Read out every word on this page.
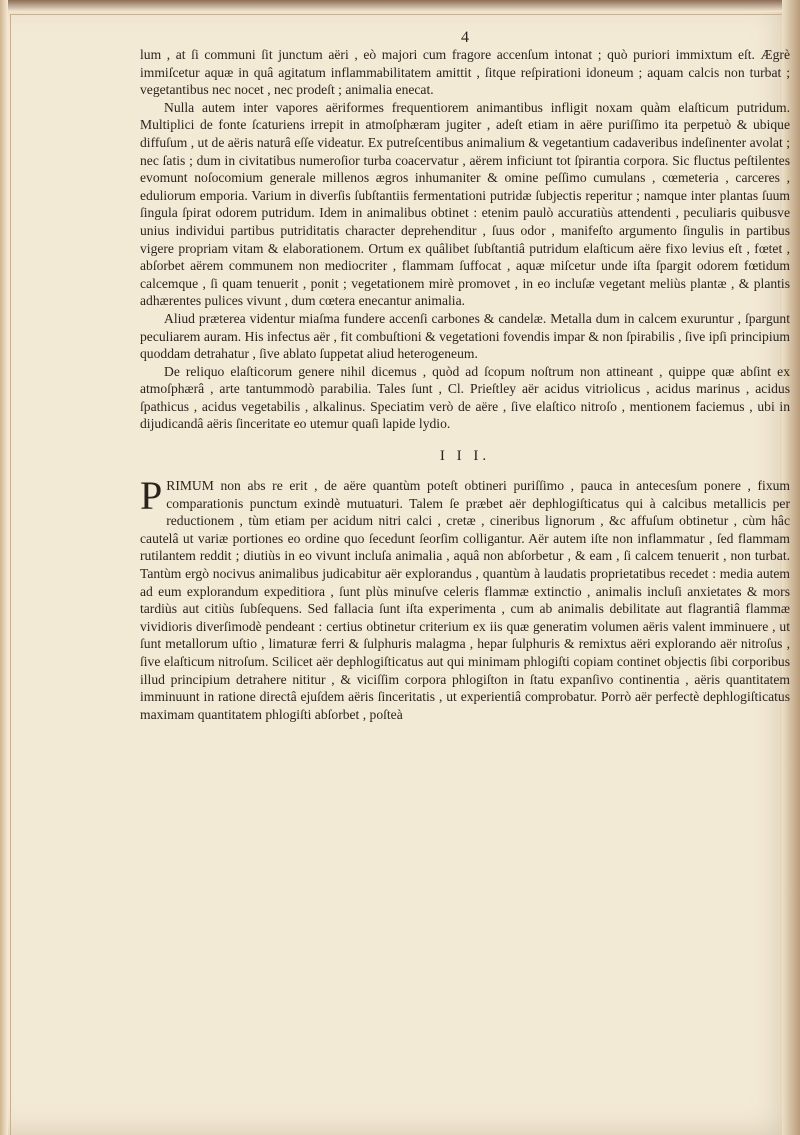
4

lum , at ſi communi ſit junctum aëri , eò majori cum fragore accenſum intonat ; quò puriori immixtum eſt. Ægrè immiſcetur aquæ in quâ agitatum inflammabilitatem amittit , ſitque reſpirationi idoneum ; aquam calcis non turbat ; vegetantibus nec nocet , nec prodeſt ; animalia enecat.

Nulla autem inter vapores aëriformes frequentiorem animantibus infligit noxam quàm elaſticum putridum. Multiplici de fonte ſcaturiens irrepit in atmoſphæram jugiter , adeſt etiam in aëre puriſſimo ita perpetuò & ubique diffuſum , ut de aëris naturâ eſſe videatur. Ex putreſcentibus animalium & vegetantium cadaveribus indeſinenter avolat ; nec ſatis ; dum in civitatibus numeroſior turba coacervatur , aërem inficiunt tot ſpirantia corpora. Sic fluctus peſtilentes evomunt noſocomium generale millenos ægros inhumaniter & omine peſſimo cumulans , cœmeteria , carceres , eduliorum emporia. Varium in diverſis ſubſtantiis fermentationi putridæ ſubjectis reperitur ; namque inter plantas ſuum ſingula ſpirat odorem putridum. Idem in animalibus obtinet : etenim paulò accuratiùs attendenti , peculiaris quibusve unius individui partibus putriditatis character deprehenditur , ſuus odor , manifeſto argumento ſingulis in partibus vigere propriam vitam & elaborationem. Ortum ex quâlibet ſubſtantiâ putridum elaſticum aëre fixo levius eſt , fœtet , abſorbet aërem communem non mediocriter , flammam ſuffocat , aquæ miſcetur unde iſta ſpargit odorem fœtidum calcemque , ſi quam tenuerit , ponit ; vegetationem mirè promovet , in eo incluſæ vegetant meliùs plantæ , & plantis adhærentes pulices vivunt , dum cœtera enecantur animalia.

Aliud præterea videntur miaſma fundere accenſi carbones & candelæ. Metalla dum in calcem exuruntur , ſpargunt peculiarem auram. His infectus aër , fit combuſtioni & vegetationi fovendis impar & non ſpirabilis , ſive ipſi principium quoddam detrahatur , ſive ablato ſuppetat aliud heterogeneum.

De reliquo elaſticorum genere nihil dicemus , quòd ad ſcopum noſtrum non attineant , quippe quæ abſint ex atmoſphærâ , arte tantummodò parabilia. Tales ſunt , Cl. Prieſtley aër acidus vitriolicus , acidus marinus , acidus ſpathicus , acidus vegetabilis , alkalinus. Speciatim verò de aëre , ſive elaſtico nitroſo , mentionem faciemus , ubi in dijudicandâ aëris ſinceritate eo utemur quaſi lapide lydio.

I I I.

PRIMUM non abs re erit , de aëre quantùm poteſt obtineri puriſſimo , pauca in antecesſum ponere , fixum comparationis punctum exindè mutuaturi. Talem ſe præbet aër dephlogiſticatus qui à calcibus metallicis per reductionem , tùm etiam per acidum nitri calci , cretæ , cineribus lignorum , &c affuſum obtinetur , cùm hâc cautelâ ut variæ portiones eo ordine quo ſecedunt ſeorſim colligantur. Aër autem iſte non inflammatur , ſed flammam rutilantem reddit ; diutiùs in eo vivunt incluſa animalia , aquâ non abſorbetur , & eam , ſi calcem tenuerit , non turbat. Tantùm ergò nocivus animalibus judicabitur aër explorandus , quantùm à laudatis proprietatibus recedet : media autem ad eum explorandum expeditiora , ſunt plùs minuſve celeris flammæ extinctio , animalis incluſi anxietates & mors tardiùs aut citiùs ſubſequens. Sed fallacia ſunt iſta experimenta , cum ab animalis debilitate aut flagrantiâ flammæ vividioris diverſimodè pendeant : certius obtinetur criterium ex iis quæ generatim volumen aëris valent imminuere , ut ſunt metallorum uſtio , limaturæ ferri & ſulphuris malagma , hepar ſulphuris & remixtus aëri explorando aër nitroſus , ſive elaſticum nitroſum. Scilicet aër dephlogiſticatus aut qui minimam phlogiſti copiam continet objectis ſibi corporibus illud principium detrahere nititur , & viciſſim corpora phlogiſton in ſtatu expanſivo continentia , aëris quantitatem imminuunt in ratione directâ ejuſdem aëris ſinceritatis , ut experientiâ comprobatur. Porrò aër perfectè dephlogiſticatus maximam quantitatem phlogiſti abſorbet , poſteà
